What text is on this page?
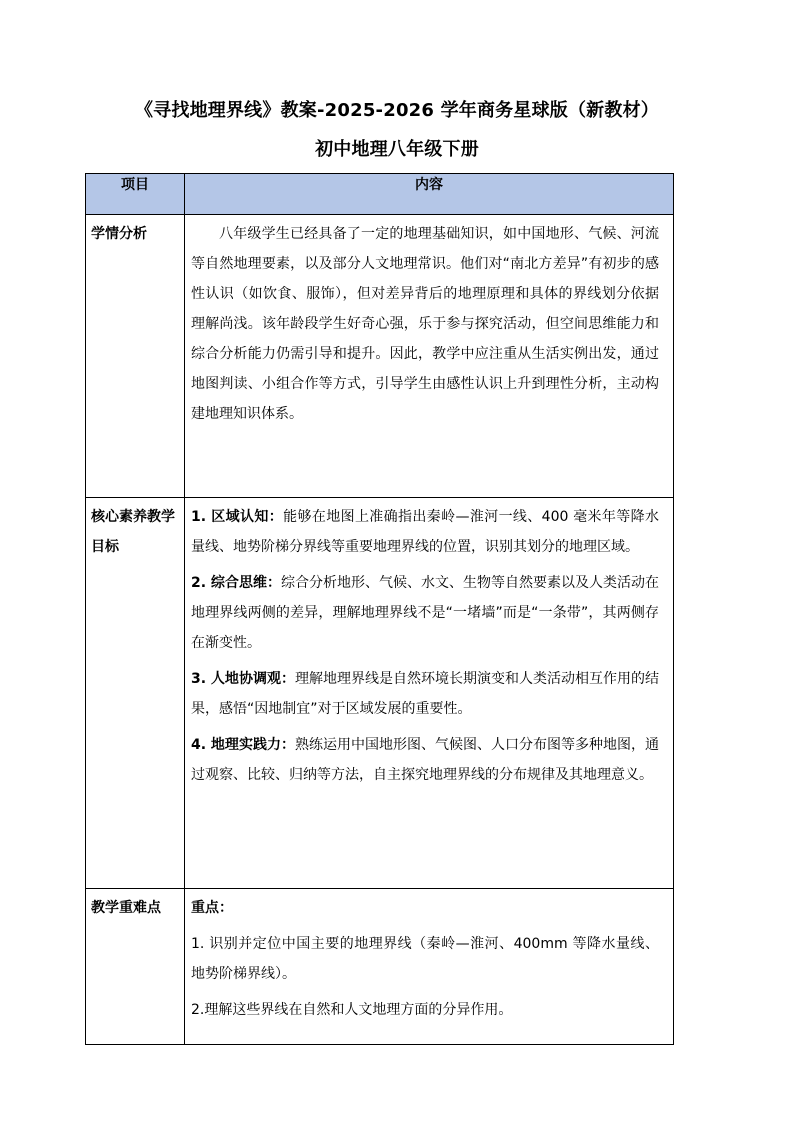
《寻找地理界线》教案-2025-2026 学年商务星球版（新教材）
初中地理八年级下册
项目	内容
学情分析	八年级学生已经具备了一定的地理基础知识，如中国地形、气候、河流等自然地理要素，以及部分人文地理常识。他们对“南北方差异”有初步的感性认识（如饮食、服饰），但对差异背后的地理原理和具体的界线划分依据理解尚浅。该年龄段学生好奇心强，乐于参与探究活动，但空间思维能力和综合分析能力仍需引导和提升。因此，教学中应注重从生活实例出发，通过地图判读、小组合作等方式，引导学生由感性认识上升到理性分析，主动构建地理知识体系。

核心素养教学目标	1. 区域认知：能够在地图上准确指出秦岭—淮河一线、400 毫米年等降水量线、地势阶梯分界线等重要地理界线的位置，识别其划分的地理区域。

2. 综合思维：综合分析地形、气候、水文、生物等自然要素以及人类活动在地理界线两侧的差异，理解地理界线不是“一堵墙”而是“一条带”，其两侧存在渐变性。

3. 人地协调观：理解地理界线是自然环境长期演变和人类活动相互作用的结果，感悟“因地制宜”对于区域发展的重要性。

4. 地理实践力：熟练运用中国地形图、气候图、人口分布图等多种地图，通过观察、比较、归纳等方法，自主探究地理界线的分布规律及其地理意义。

教学重难点	重点：

1. 识别并定位中国主要的地理界线（秦岭—淮河、400mm 等降水量线、地势阶梯界线）。

2.理解这些界线在自然和人文地理方面的分异作用。
